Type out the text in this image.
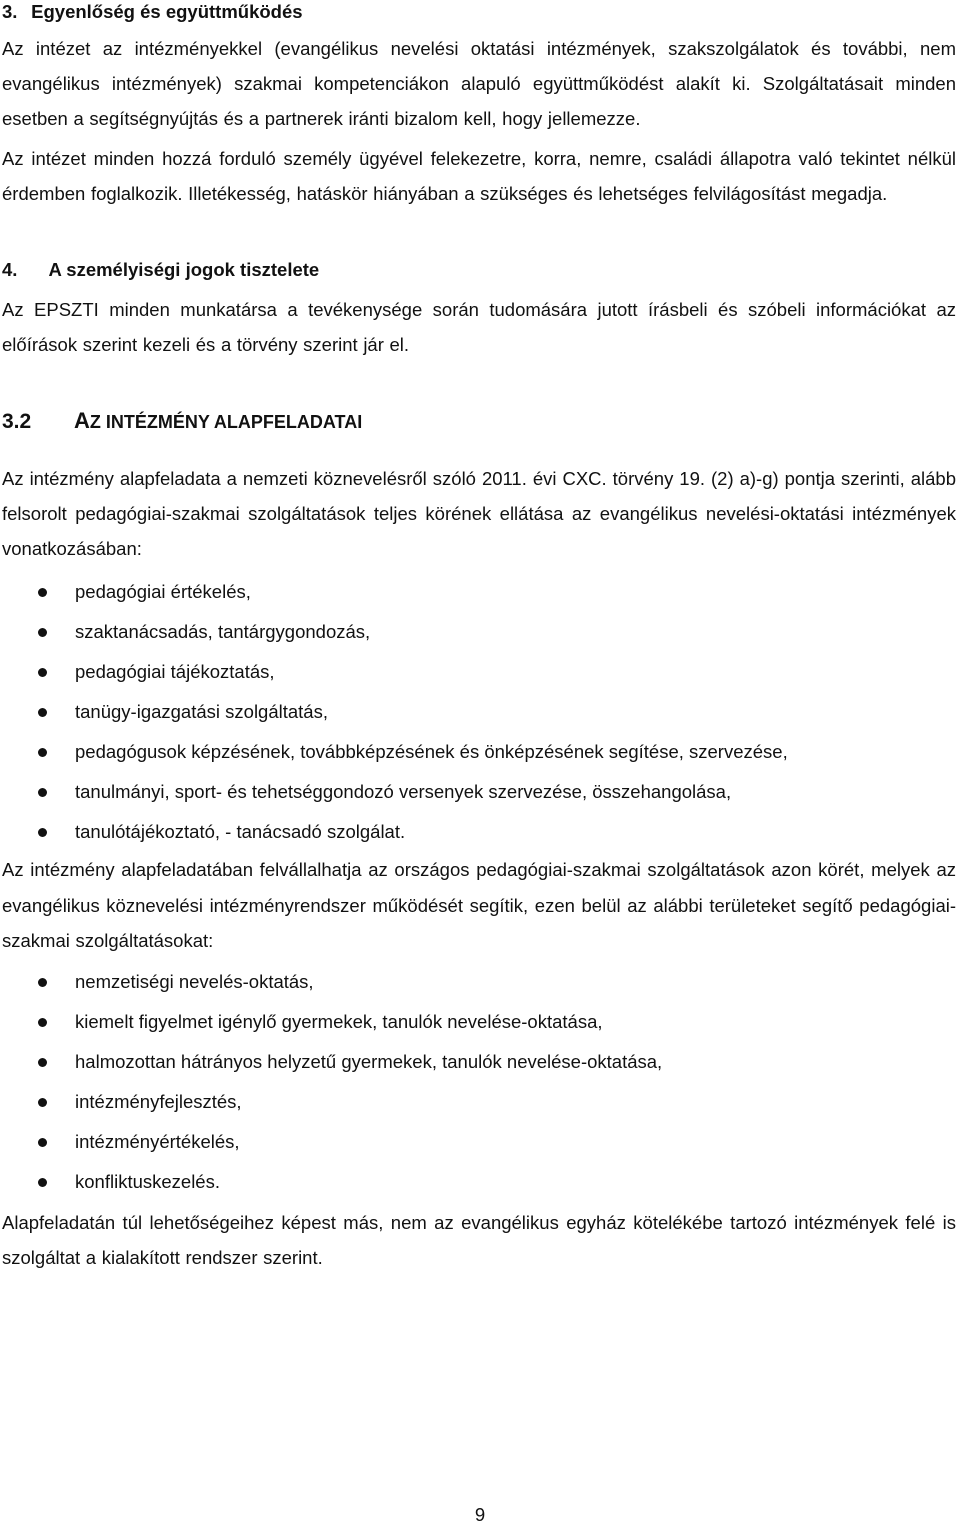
3. Egyenlőség és együttműködés

Az intézet az intézményekkel (evangélikus nevelési oktatási intézmények, szakszolgálatok és további, nem evangélikus intézmények) szakmai kompetenciákon alapuló együttműködést alakít ki. Szolgáltatásait minden esetben a segítségnyújtás és a partnerek iránti bizalom kell, hogy jellemezze.

Az intézet minden hozzá forduló személy ügyével felekezetre, korra, nemre, családi állapotra való tekintet nélkül érdemben foglalkozik. Illetékesség, hatáskör hiányában a szükséges és lehetséges felvilágosítást megadja.

4. A személyiségi jogok tisztelete

Az EPSZTI minden munkatársa a tevékenysége során tudomására jutott írásbeli és szóbeli információkat az előírások szerint kezeli és a törvény szerint jár el.

3.2 AZ INTÉZMÉNY ALAPFELADATAI

Az intézmény alapfeladata a nemzeti köznevelésről szóló 2011. évi CXC. törvény 19. (2) a)-g) pontja szerinti, alább felsorolt pedagógiai-szakmai szolgáltatások teljes körének ellátása az evangélikus nevelési-oktatási intézmények vonatkozásában:

pedagógiai értékelés,
szaktanácsadás, tantárgygondozás,
pedagógiai tájékoztatás,
tanügy-igazgatási szolgáltatás,
pedagógusok képzésének, továbbképzésének és önképzésének segítése, szervezése,
tanulmányi, sport- és tehetséggondozó versenyek szervezése, összehangolása,
tanulótájékoztató, - tanácsadó szolgálat.

Az intézmény alapfeladatában felvállalhatja az országos pedagógiai-szakmai szolgáltatások azon körét, melyek az evangélikus köznevelési intézményrendszer működését segítik, ezen belül az alábbi területeket segítő pedagógiai-szakmai szolgáltatásokat:

nemzetiségi nevelés-oktatás,
kiemelt figyelmet igénylő gyermekek, tanulók nevelése-oktatása,
halmozottan hátrányos helyzetű gyermekek, tanulók nevelése-oktatása,
intézményfejlesztés,
intézményértékelés,
konfliktuskezelés.

Alapfeladatán túl lehetőségeihez képest más, nem az evangélikus egyház kötelékébe tartozó intézmények felé is szolgáltat a kialakított rendszer szerint.

9
